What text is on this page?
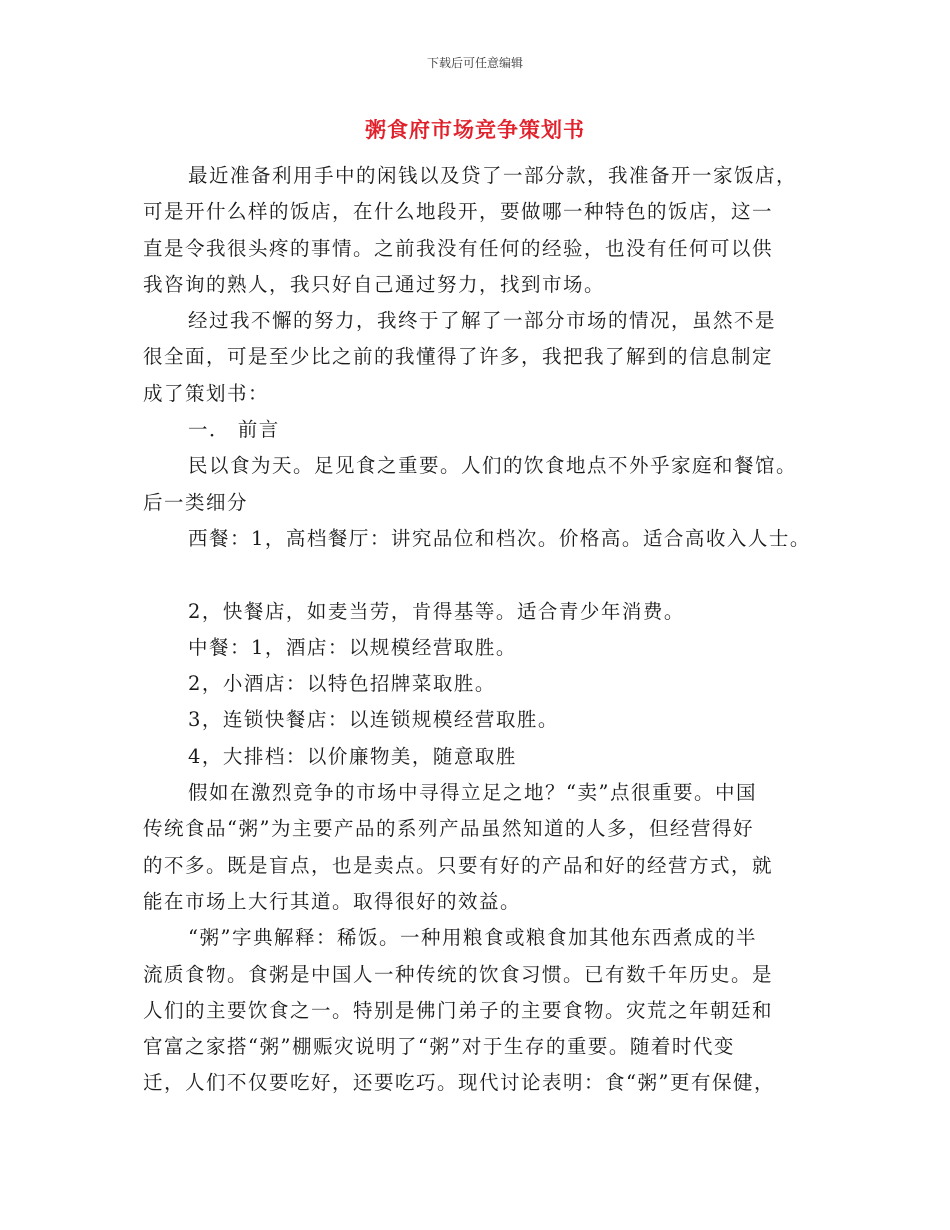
下载后可任意编辑
粥食府市场竞争策划书
最近准备利用手中的闲钱以及贷了一部分款，我准备开一家饭店，
可是开什么样的饭店，在什么地段开，要做哪一种特色的饭店，这一
直是令我很头疼的事情。之前我没有任何的经验，也没有任何可以供
我咨询的熟人，我只好自己通过努力，找到市场。
经过我不懈的努力，我终于了解了一部分市场的情况，虽然不是
很全面，可是至少比之前的我懂得了许多，我把我了解到的信息制定
成了策划书：
一． 前言
民以食为天。足见食之重要。人们的饮食地点不外乎家庭和餐馆。
后一类细分
西餐：1，高档餐厅：讲究品位和档次。价格高。适合高收入人士。
2，快餐店，如麦当劳，肯得基等。适合青少年消费。
中餐：1，酒店：以规模经营取胜。
2，小酒店：以特色招牌菜取胜。
3，连锁快餐店：以连锁规模经营取胜。
4，大排档：以价廉物美，随意取胜
假如在激烈竞争的市场中寻得立足之地？“卖”点很重要。中国
传统食品“粥”为主要产品的系列产品虽然知道的人多，但经营得好
的不多。既是盲点，也是卖点。只要有好的产品和好的经营方式，就
能在市场上大行其道。取得很好的效益。
“粥”字典解释：稀饭。一种用粮食或粮食加其他东西煮成的半
流质食物。食粥是中国人一种传统的饮食习惯。已有数千年历史。是
人们的主要饮食之一。特别是佛门弟子的主要食物。灾荒之年朝廷和
官富之家搭“粥”棚赈灾说明了“粥”对于生存的重要。随着时代变
迁，人们不仅要吃好，还要吃巧。现代讨论表明：食“粥”更有保健，
